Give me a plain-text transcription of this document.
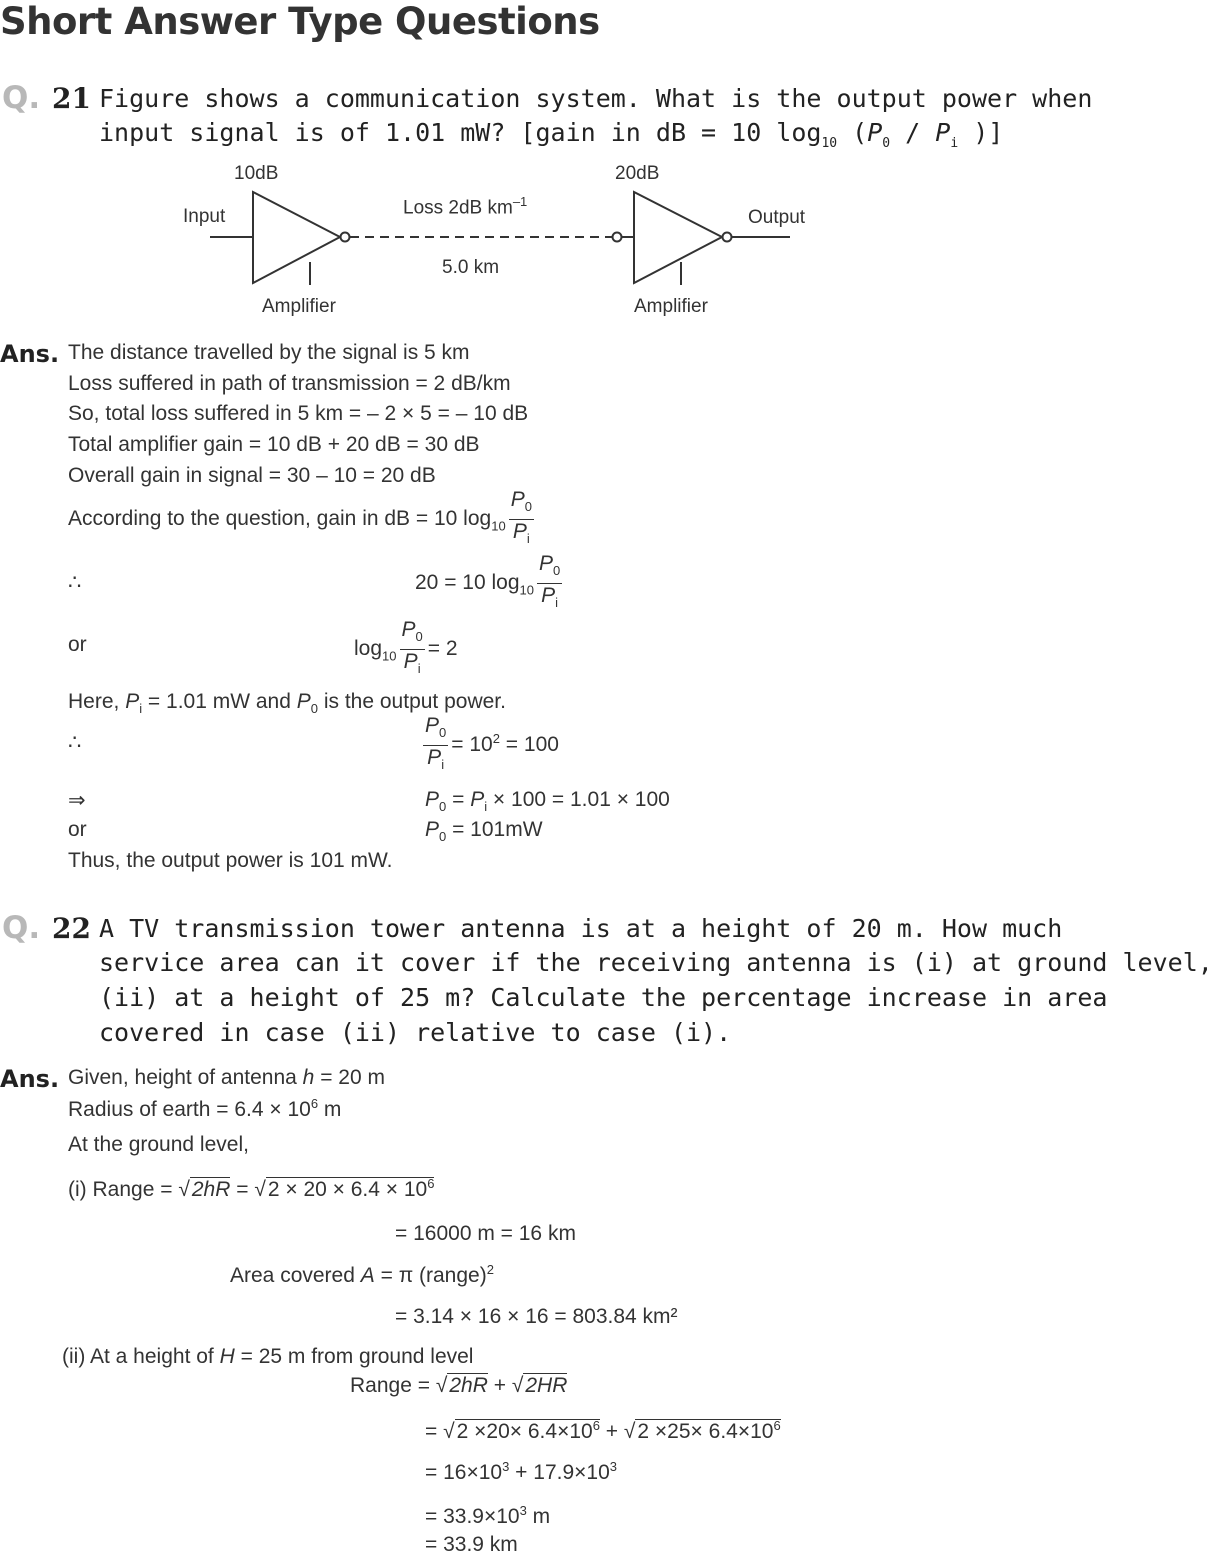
Short Answer Type Questions
Q. 21 Figure shows a communication system. What is the output power when
input signal is of 1.01 mW? [gain in dB = 10 $\log_{10} (P_0 / P_i$ )]
10dB	20dB
Input	Output
Loss 2dB $km^{-1}$
5.0 km
Amplifier	Amplifier
Ans. The distance travelled by the signal is 5 km
Loss suffered in path of transmission = 2 dB/km
So, total loss suffered in 5 km = – 2 × 5 = – 10 dB
Total amplifier gain = 10 dB + 20 dB = 30 dB
Overall gain in signal = 30 – 10 = 20 dB
According to the question, gain in dB = 10 $\log_{10} \frac{P_0}{P_i}$
∴	20 = 10 $\log_{10} \frac{P_0}{P_i}$
or	$\log_{10} \frac{P_0}{P_i} = 2$
Here, $P_i = 1.01$ mW and $P_0$ is the output power.
∴	$\frac{P_0}{P_i} = 10^2 = 100$
⇒	$P_0 = P_i \times 100 = 1.01 \times 100$
or	$P_0 = 101mW$
Thus, the output power is 101 mW.
Q. 22 A TV transmission tower antenna is at a height of 20 m. How much
service area can it cover if the receiving antenna is (i) at ground level,
(ii) at a height of 25 m? Calculate the percentage increase in area
covered in case (ii) relative to case (i).
Ans. Given, height of antenna h = 20 m
Radius of earth = $6.4 \times 10^6$ m
At the ground level,
(i) Range = $√2hR = √2 \times 20 \times 6.4 \times 10^6$
= 16000 m = 16 km
Area covered A = π (range)$^2$
= 3.14 × 16 × 16 = 803.84 km²
(ii) At a height of H = 25 m from ground level
Range = √2hR + √2HR
= $√2 \times 20\times 6.4\times 10^6 + √2 \times 25\times 6.4\times 10^6$
= $16\times 10^3 + 17.9\times 10^3$
= $33.9\times 10^3$ m
= 33.9 km
